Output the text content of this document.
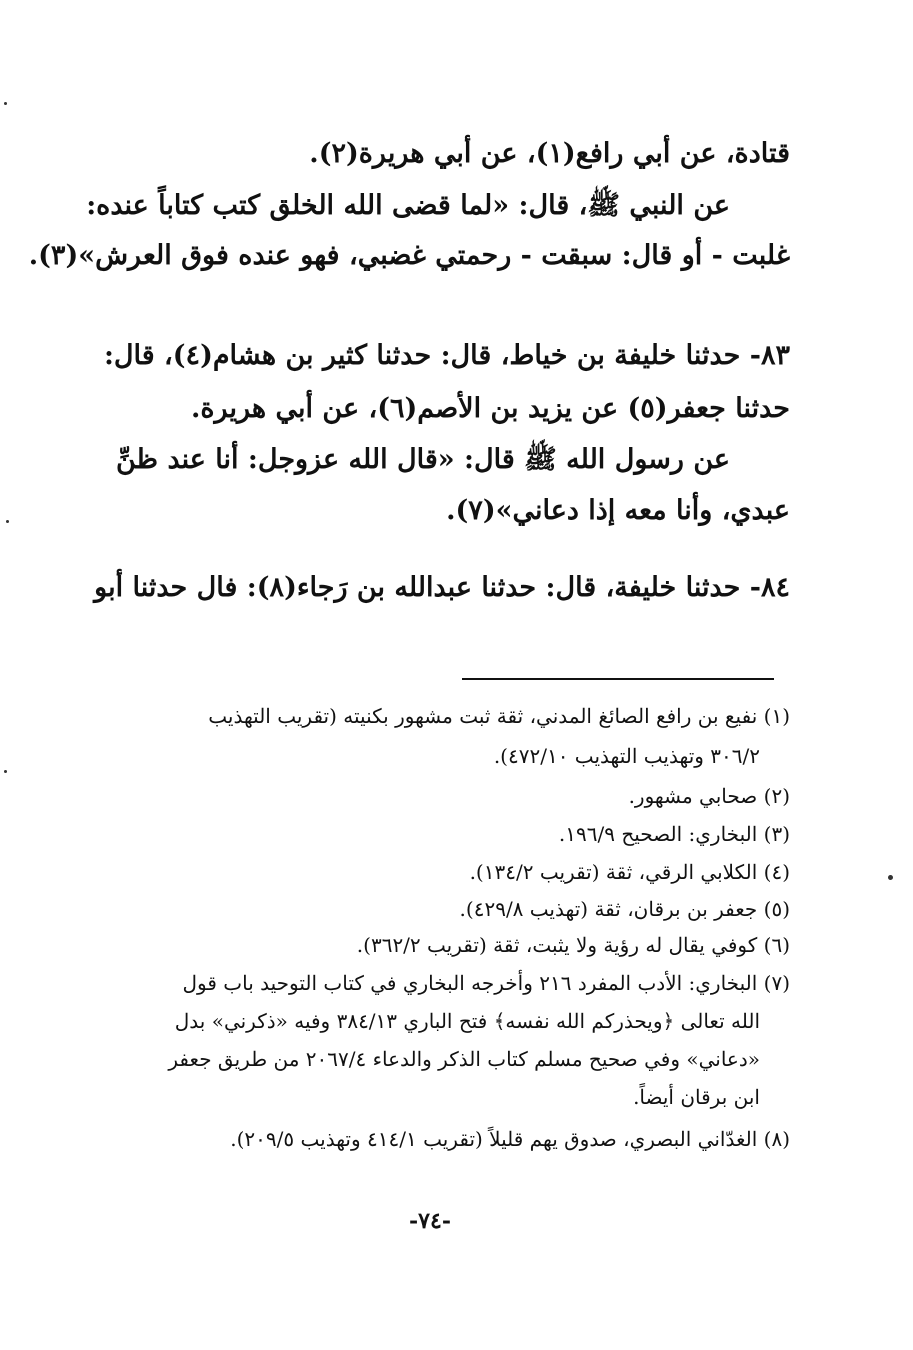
قتادة، عن أبي رافع(١)، عن أبي هريرة(٢).
عن النبي ﷺ، قال: «لما قضى الله الخلق كتب كتاباً عنده:
غلبت - أو قال: سبقت - رحمتي غضبي، فهو عنده فوق العرش»(٣).
٨٣- حدثنا خليفة بن خياط، قال: حدثنا كثير بن هشام(٤)، قال:
حدثنا جعفر(٥) عن يزيد بن الأصم(٦)، عن أبي هريرة.
عن رسول الله ﷺ قال: «قال الله عزوجل: أنا عند ظنِّ
عبدي، وأنا معه إذا دعاني»(٧).
٨٤- حدثنا خليفة، قال: حدثنا عبدالله بن رَجاء(٨): فال حدثنا أبو
(١) نفيع بن رافع الصائغ المدني، ثقة ثبت مشهور بكنيته (تقريب التهذيب
٣٠٦/٢ وتهذيب التهذيب ٤٧٢/١٠).
(٢) صحابي مشهور.
(٣) البخاري: الصحيح ١٩٦/٩.
(٤) الكلابي الرقي، ثقة (تقريب ١٣٤/٢).
(٥) جعفر بن برقان، ثقة (تهذيب ٤٢٩/٨).
(٦) كوفي يقال له رؤية ولا يثبت، ثقة (تقريب ٣٦٢/٢).
(٧) البخاري: الأدب المفرد ٢١٦ وأخرجه البخاري في كتاب التوحيد باب قول
الله تعالى ﴿ويحذركم الله نفسه﴾ فتح الباري ٣٨٤/١٣ وفيه «ذكرني» بدل
«دعاني» وفي صحيح مسلم كتاب الذكر والدعاء ٢٠٦٧/٤ من طريق جعفر
ابن برقان أيضاً.
(٨) الغدّاني البصري، صدوق يهم قليلاً (تقريب ٤١٤/١ وتهذيب ٢٠٩/٥).
-٧٤-
